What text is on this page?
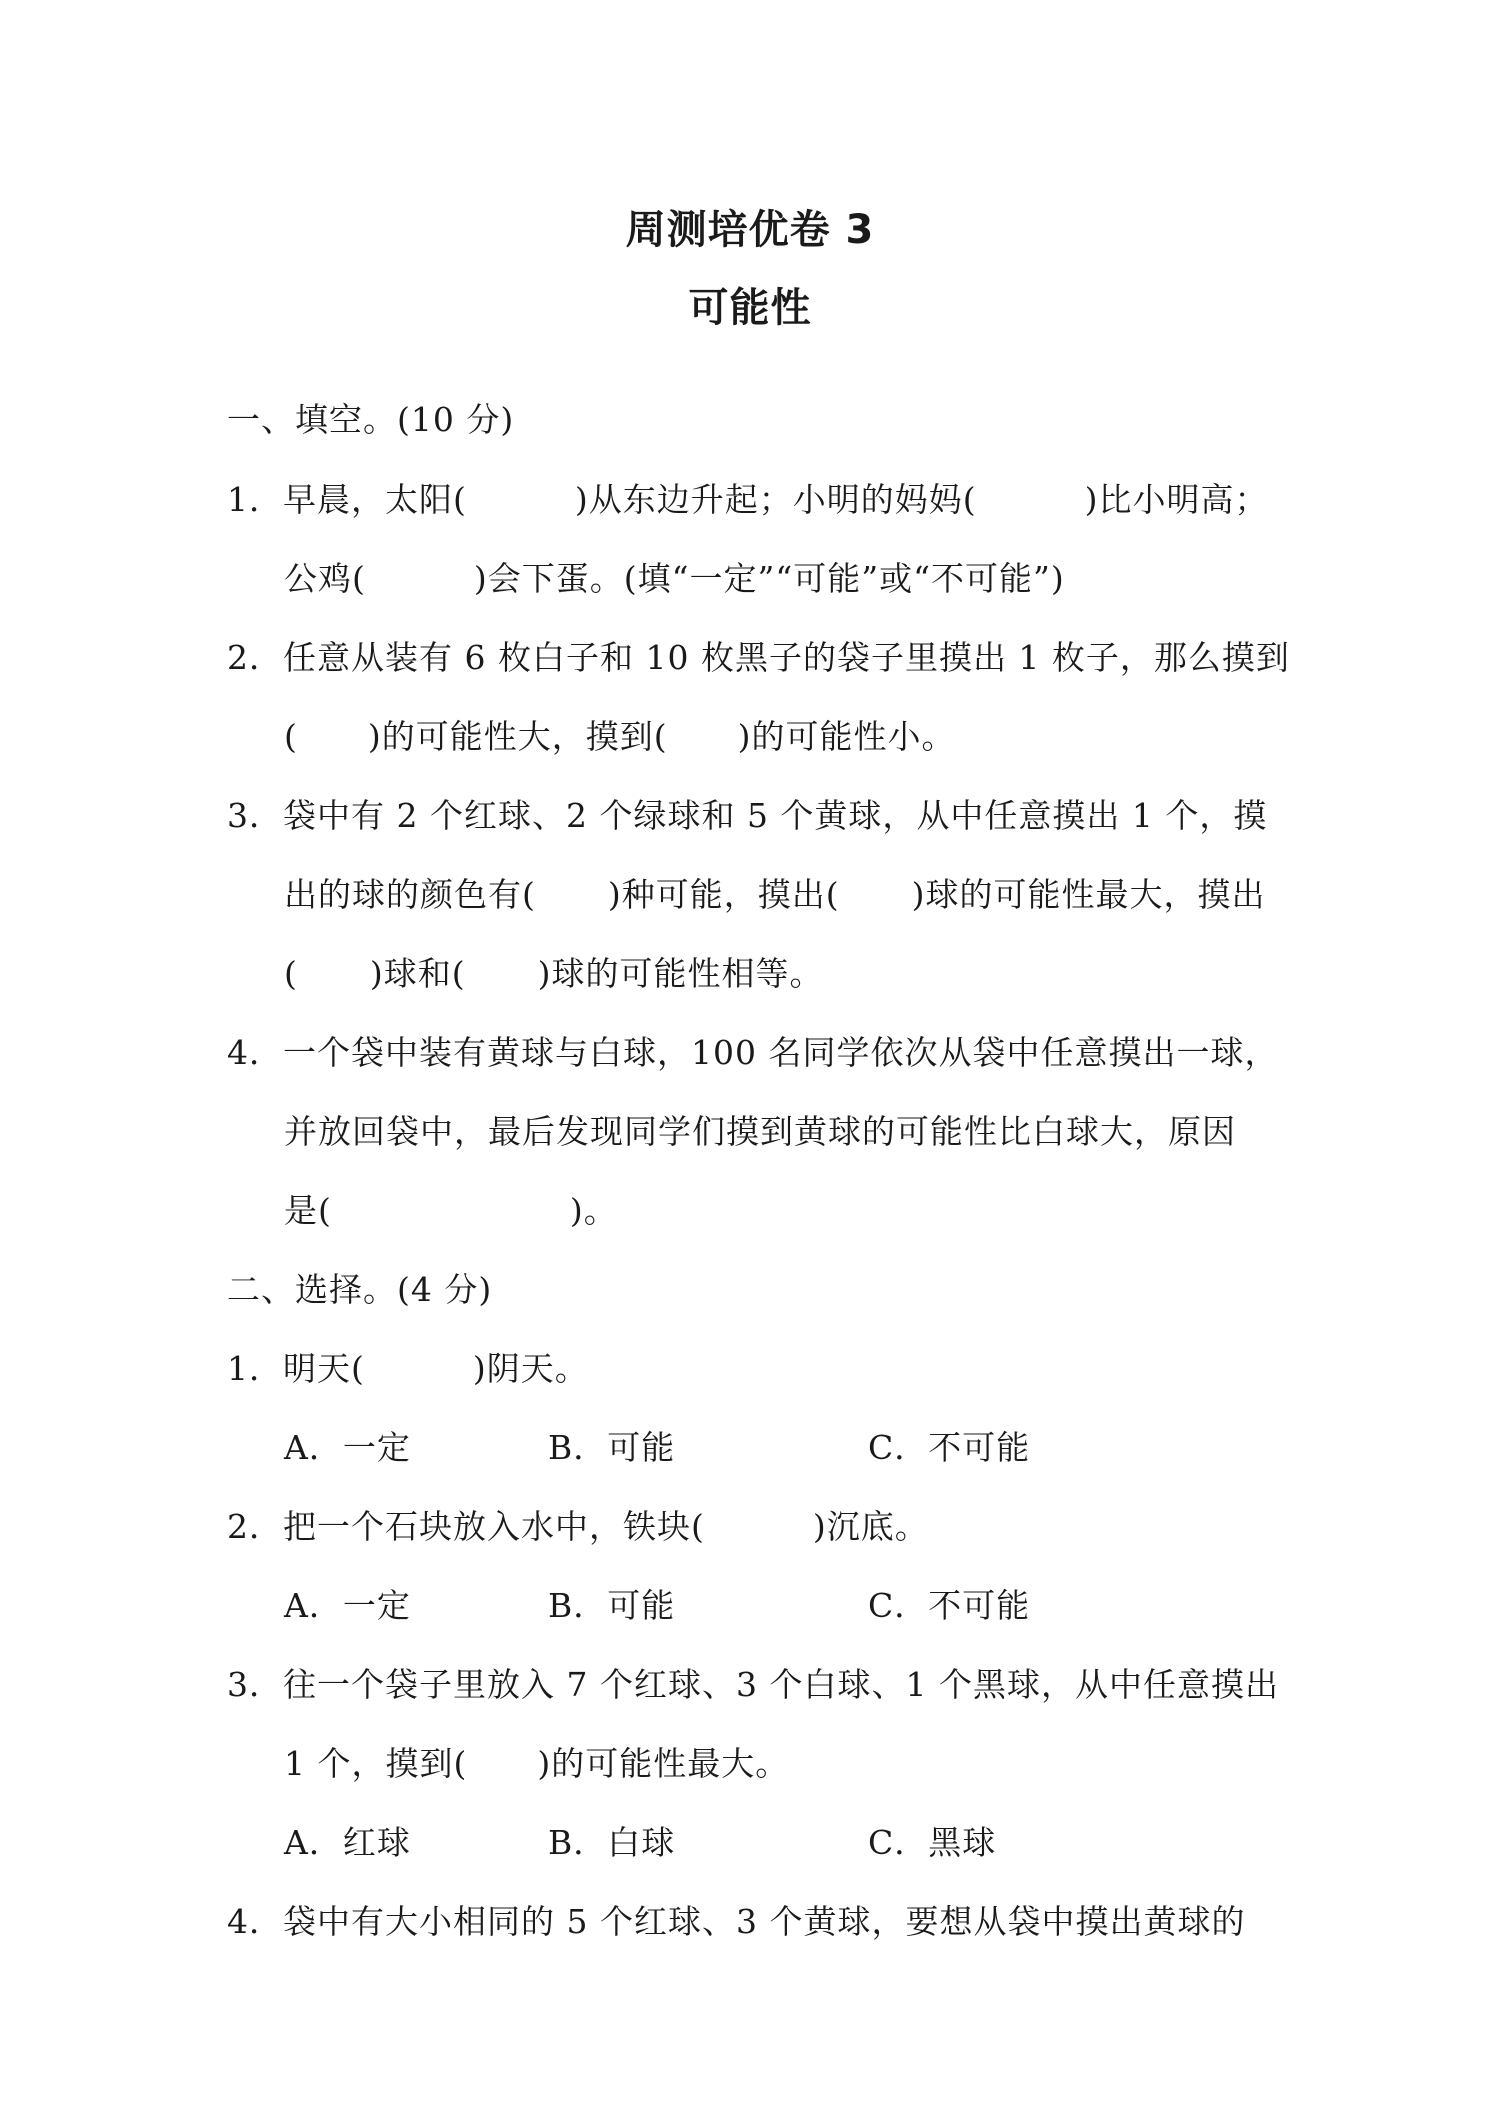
周测培优卷 3
可能性
一、填空。(10 分)
1．早晨，太阳(	)从东边升起；小明的妈妈(	)比小明高；
公鸡(	)会下蛋。(填“一定”“可能”或“不可能”)
2．任意从装有 6 枚白子和 10 枚黑子的袋子里摸出 1 枚子，那么摸到
( )的可能性大，摸到( )的可能性小。
3．袋中有 2 个红球、2 个绿球和 5 个黄球，从中任意摸出 1 个，摸
出的球的颜色有( )种可能，摸出( )球的可能性最大，摸出
( )球和( )球的可能性相等。
4．一个袋中装有黄球与白球，100 名同学依次从袋中任意摸出一球，
并放回袋中，最后发现同学们摸到黄球的可能性比白球大，原因
是(	)。
二、选择。(4 分)
1．明天(	)阴天。
A．一定	B．可能	C．不可能
2．把一个石块放入水中，铁块(	)沉底。
A．一定	B．可能	C．不可能
3．往一个袋子里放入 7 个红球、3 个白球、1 个黑球，从中任意摸出
1 个，摸到( )的可能性最大。
A．红球	B．白球	C．黑球
4．袋中有大小相同的 5 个红球、3 个黄球，要想从袋中摸出黄球的
